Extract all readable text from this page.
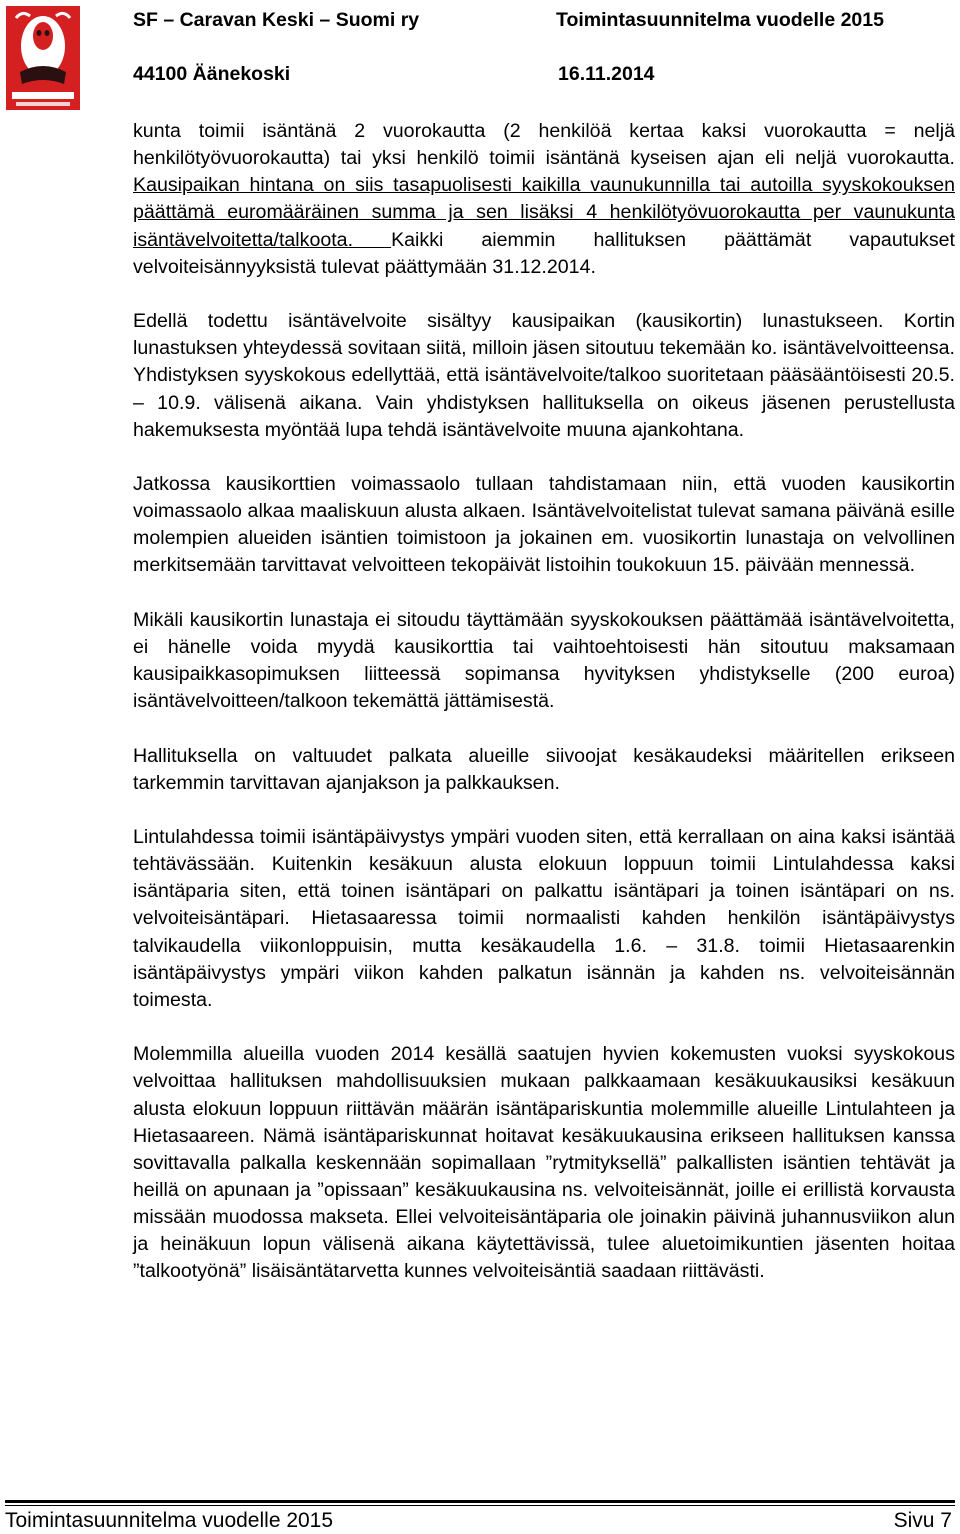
SF – Caravan Keski – Suomi ry	Toimintasuunnitelma vuodelle 2015
44100 Äänekoski	16.11.2014

kunta toimii isäntänä 2 vuorokautta (2 henkilöä kertaa kaksi vuorokautta = neljä henkilötyövuorokautta) tai yksi henkilö toimii isäntänä kyseisen ajan eli neljä vuorokautta. Kausipaikan hintana on siis tasapuolisesti kaikilla vaunukunnilla tai autoilla syyskokouksen päättämä euromääräinen summa ja sen lisäksi 4 henkilötyövuorokautta per vaunukunta isäntävelvoitetta/talkoota. Kaikki aiemmin hallituksen päättämät vapautukset velvoiteisännyyksistä tulevat päättymään 31.12.2014.

Edellä todettu isäntävelvoite sisältyy kausipaikan (kausikortin) lunastukseen. Kortin lunastuksen yhteydessä sovitaan siitä, milloin jäsen sitoutuu tekemään ko. isäntävelvoitteensa. Yhdistyksen syyskokous edellyttää, että isäntävelvoite/talkoo suoritetaan pääsääntöisesti 20.5. – 10.9. välisenä aikana. Vain yhdistyksen hallituksella on oikeus jäsenen perustellusta hakemuksesta myöntää lupa tehdä isäntävelvoite muuna ajankohtana.

Jatkossa kausikorttien voimassaolo tullaan tahdistamaan niin, että vuoden kausikortin voimassaolo alkaa maaliskuun alusta alkaen. Isäntävelvoitelistat tulevat samana päivänä esille molempien alueiden isäntien toimistoon ja jokainen em. vuosikortin lunastaja on velvollinen merkitsemään tarvittavat velvoitteen tekopäivät listoihin toukokuun 15. päivään mennessä.

Mikäli kausikortin lunastaja ei sitoudu täyttämään syyskokouksen päättämää isäntävelvoitetta, ei hänelle voida myydä kausikorttia tai vaihtoehtoisesti hän sitoutuu maksamaan kausipaikkasopimuksen liitteessä sopimansa hyvityksen yhdistykselle (200 euroa) isäntävelvoitteen/talkoon tekemättä jättämisestä.

Hallituksella on valtuudet palkata alueille siivoojat kesäkaudeksi määritellen erikseen tarkemmin tarvittavan ajanjakson ja palkkauksen.

Lintulahdessa toimii isäntäpäivystys ympäri vuoden siten, että kerrallaan on aina kaksi isäntää tehtävässään. Kuitenkin kesäkuun alusta elokuun loppuun toimii Lintulahdessa kaksi isäntäparia siten, että toinen isäntäpari on palkattu isäntäpari ja toinen isäntäpari on ns. velvoiteisäntäpari. Hietasaaressa toimii normaalisti kahden henkilön isäntäpäivystys talvikaudella viikonloppuisin, mutta kesäkaudella 1.6. – 31.8. toimii Hietasaarenkin isäntäpäivystys ympäri viikon kahden palkatun isännän ja kahden ns. velvoiteisännän toimesta.

Molemmilla alueilla vuoden 2014 kesällä saatujen hyvien kokemusten vuoksi syyskokous velvoittaa hallituksen mahdollisuuksien mukaan palkkaamaan kesäkuukausiksi kesäkuun alusta elokuun loppuun riittävän määrän isäntäpariskuntia molemmille alueille Lintulahteen ja Hietasaareen. Nämä isäntäpariskunnat hoitavat kesäkuukausina erikseen hallituksen kanssa sovittavalla palkalla keskennään sopimallaan ”rytmityksellä” palkallisten isäntien tehtävät ja heillä on apunaan ja ”opissaan” kesäkuukausina ns. velvoiteisännät, joille ei erillistä korvausta missään muodossa makseta. Ellei velvoiteisäntäparia ole joinakin päivinä juhannusviikon alun ja heinäkuun lopun välisenä aikana käytettävissä, tulee aluetoimikuntien jäsenten hoitaa ”talkootyönä” lisäisäntätarvetta kunnes velvoiteisäntiä saadaan riittävästi.

Toimintasuunnitelma vuodelle 2015	Sivu 7
